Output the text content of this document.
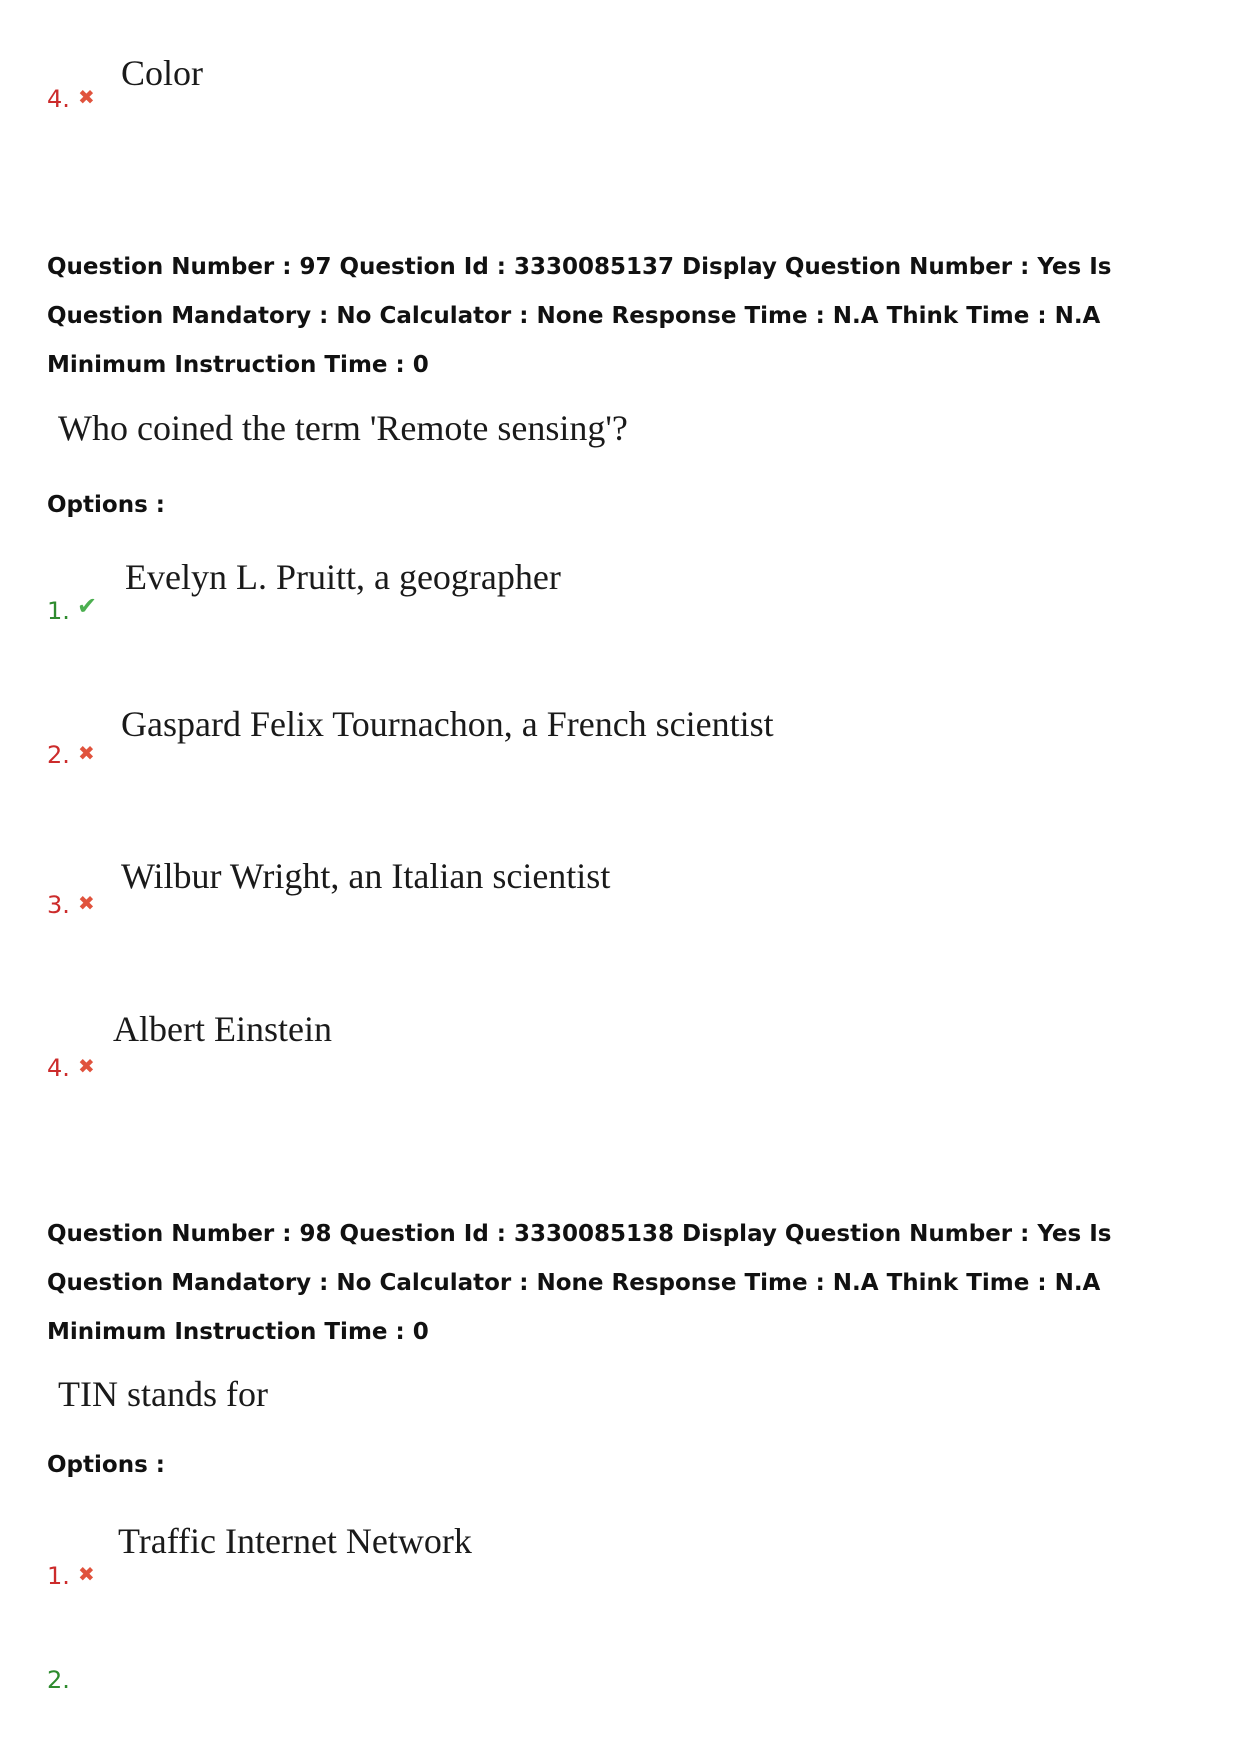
Color
4. ✖
Question Number : 97 Question Id : 3330085137 Display Question Number : Yes Is Question Mandatory : No Calculator : None Response Time : N.A Think Time : N.A Minimum Instruction Time : 0
Who coined the term 'Remote sensing'?
Options :
Evelyn L. Pruitt, a geographer
1. ✔
Gaspard Felix Tournachon, a French scientist
2. ✖
Wilbur Wright, an Italian scientist
3. ✖
Albert Einstein
4. ✖
Question Number : 98 Question Id : 3330085138 Display Question Number : Yes Is Question Mandatory : No Calculator : None Response Time : N.A Think Time : N.A Minimum Instruction Time : 0
TIN stands for
Options :
Traffic Internet Network
1. ✖
2.
